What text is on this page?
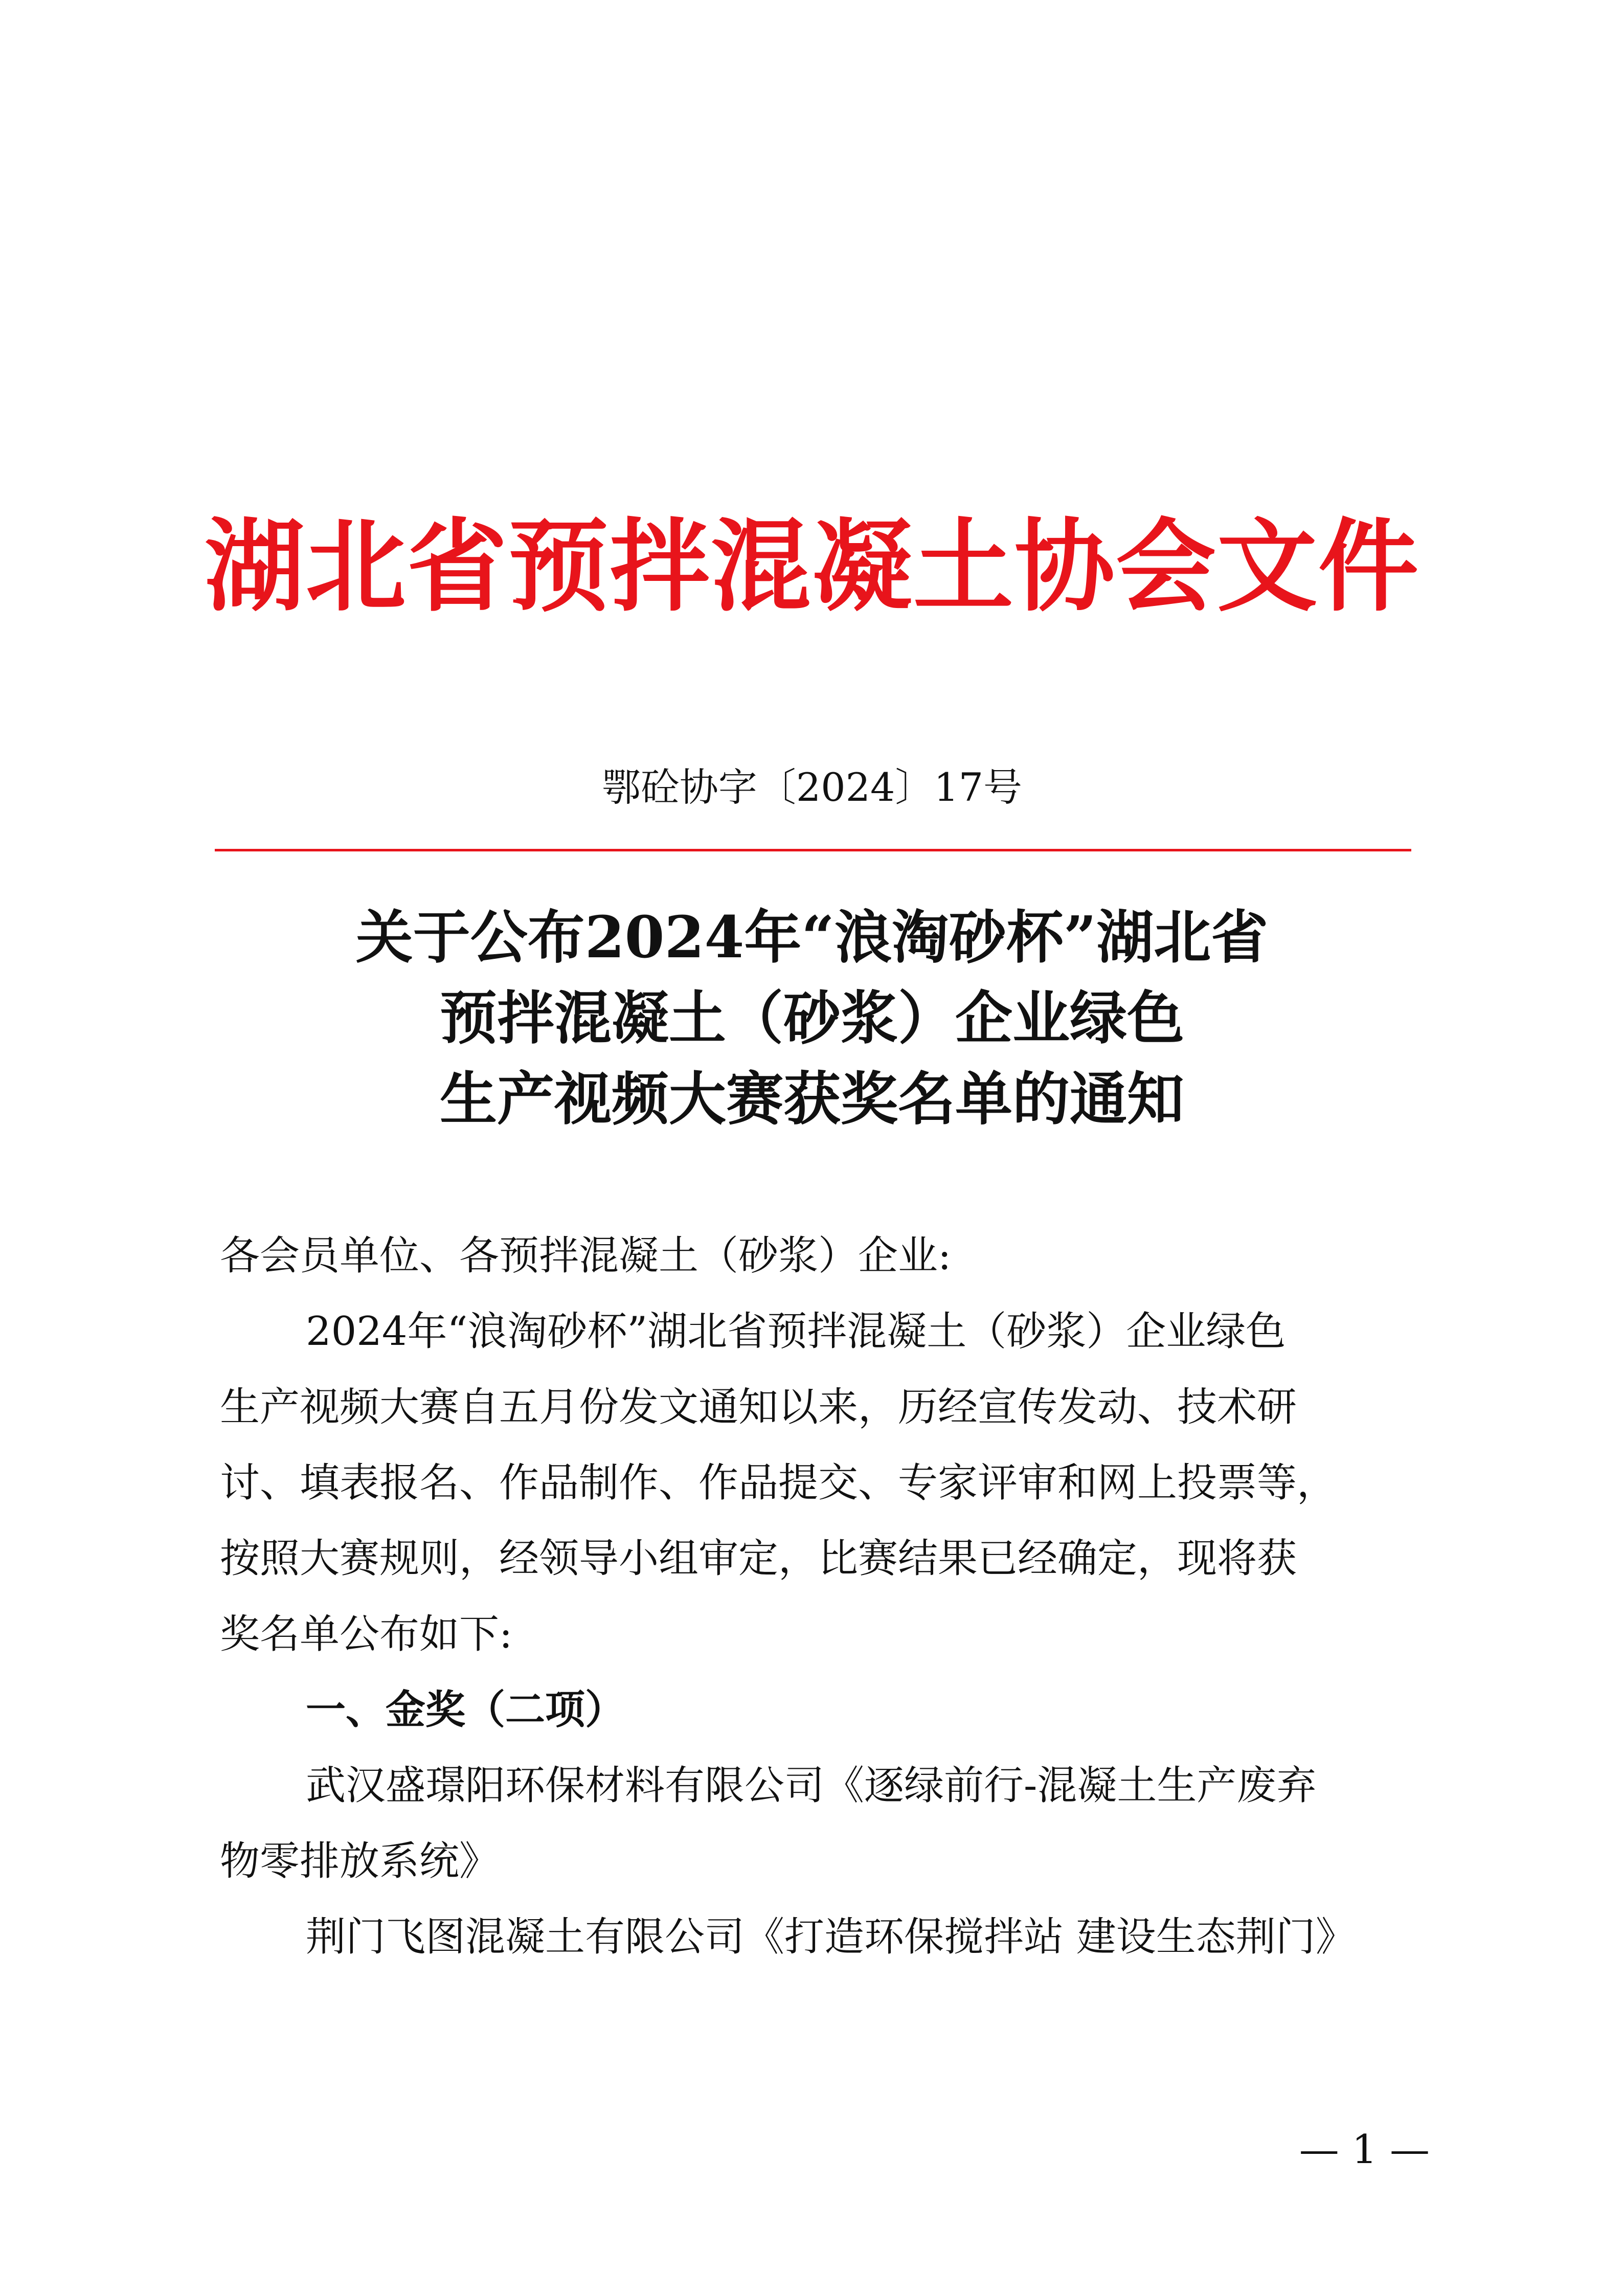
湖北省预拌混凝土协会文件
鄂砼协字〔2024〕17号
关于公布2024年“浪淘砂杯”湖北省
预拌混凝土（砂浆）企业绿色
生产视频大赛获奖名单的通知

各会员单位、各预拌混凝土（砂浆）企业:

2024年“浪淘砂杯”湖北省预拌混凝土（砂浆）企业绿色

生产视频大赛自五月份发文通知以来，历经宣传发动、技术研

讨、填表报名、作品制作、作品提交、专家评审和网上投票等，

按照大赛规则，经领导小组审定，比赛结果已经确定，现将获

奖名单公布如下:

一、金奖（二项）

武汉盛璟阳环保材料有限公司《逐绿前行-混凝土生产废弃

物零排放系统》

荆门飞图混凝土有限公司《打造环保搅拌站 建设生态荆门》

— 1 —
